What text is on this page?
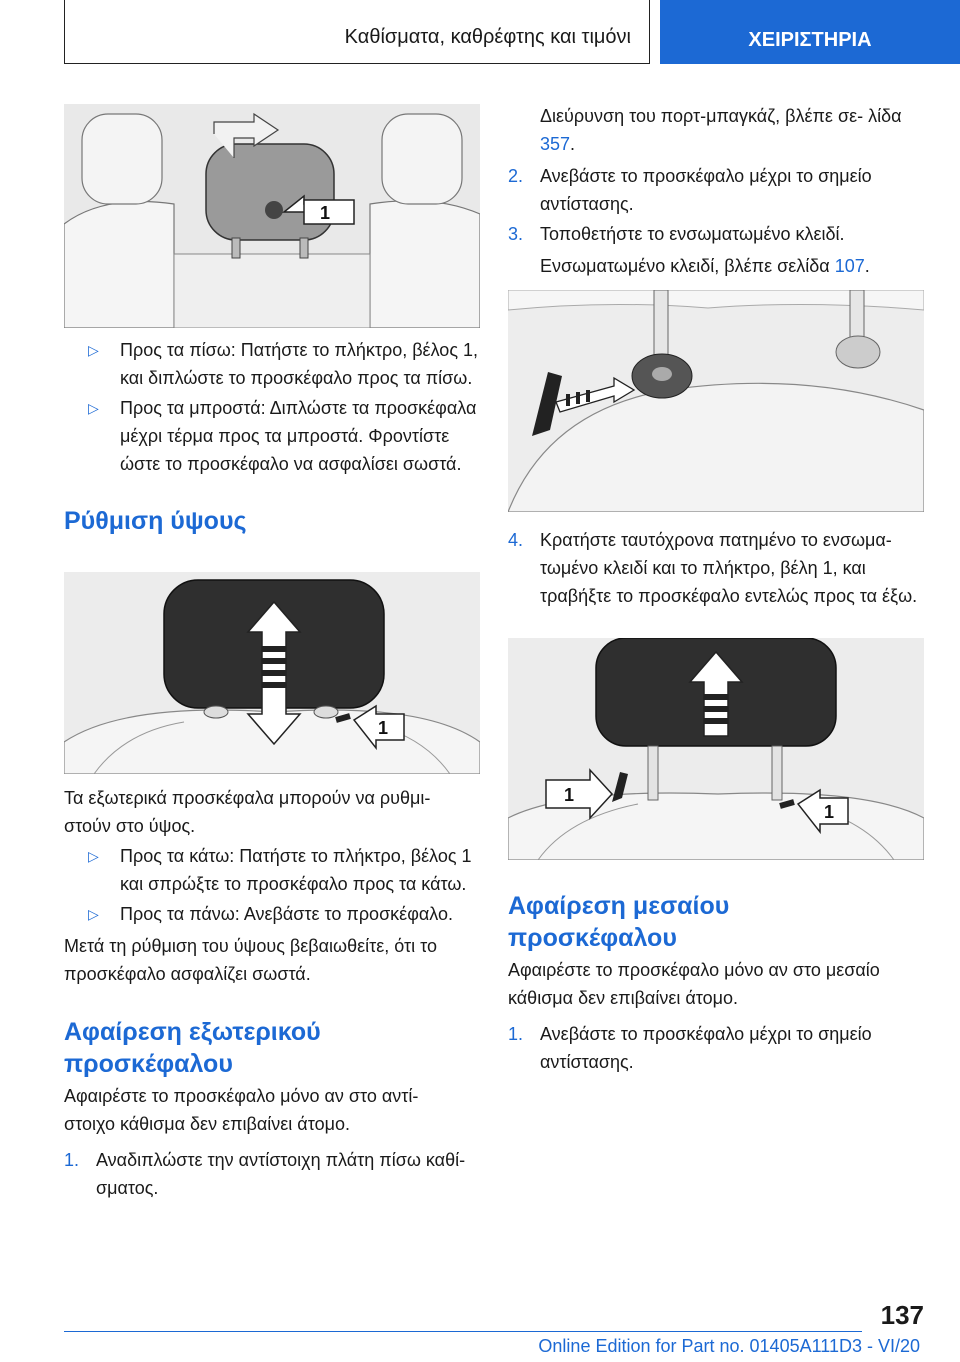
Καθίσματα, καθρέφτης και τιμόνι	ΧΕΙΡΙΣΤΗΡΙΑ
1
▷	Προς τα πίσω: Πατήστε το πλήκτρο, βέλος 1, και διπλώστε το προσκέφαλο προς τα πίσω.
▷	Προς τα μπροστά: Διπλώστε τα προσκέφαλα μέχρι τέρμα προς τα μπροστά. Φροντίστε ώστε το προσκέφαλο να ασφαλίσει σωστά.
Ρύθμιση ύψους
1
Τα εξωτερικά προσκέφαλα μπορούν να ρυθμι- στούν στο ύψος.
▷	Προς τα κάτω: Πατήστε το πλήκτρο, βέλος 1 και σπρώξτε το προσκέφαλο προς τα κάτω.
▷	Προς τα πάνω: Ανεβάστε το προσκέφαλο.
Μετά τη ρύθμιση του ύψους βεβαιωθείτε, ότι το προσκέφαλο ασφαλίζει σωστά.
Αφαίρεση εξωτερικού προσκέφαλου
Αφαιρέστε το προσκέφαλο μόνο αν στο αντί- στοιχο κάθισμα δεν επιβαίνει άτομο.
1. Αναδιπλώστε την αντίστοιχη πλάτη πίσω καθί- σματος.
Διεύρυνση του πορτ-μπαγκάζ, βλέπε σε- λίδα 357.
2. Ανεβάστε το προσκέφαλο μέχρι το σημείο αντίστασης.
3. Τοποθετήστε το ενσωματωμένο κλειδί.
Ενσωματωμένο κλειδί, βλέπε σελίδα 107.
4. Κρατήστε ταυτόχρονα πατημένο το ενσωμα- τωμένο κλειδί και το πλήκτρο, βέλη 1, και τραβήξτε το προσκέφαλο εντελώς προς τα έξω.
1
1
Αφαίρεση μεσαίου προσκέφαλου
Αφαιρέστε το προσκέφαλο μόνο αν στο μεσαίο κάθισμα δεν επιβαίνει άτομο.
1. Ανεβάστε το προσκέφαλο μέχρι το σημείο αντίστασης.
137
Online Edition for Part no. 01405A111D3 - VI/20
